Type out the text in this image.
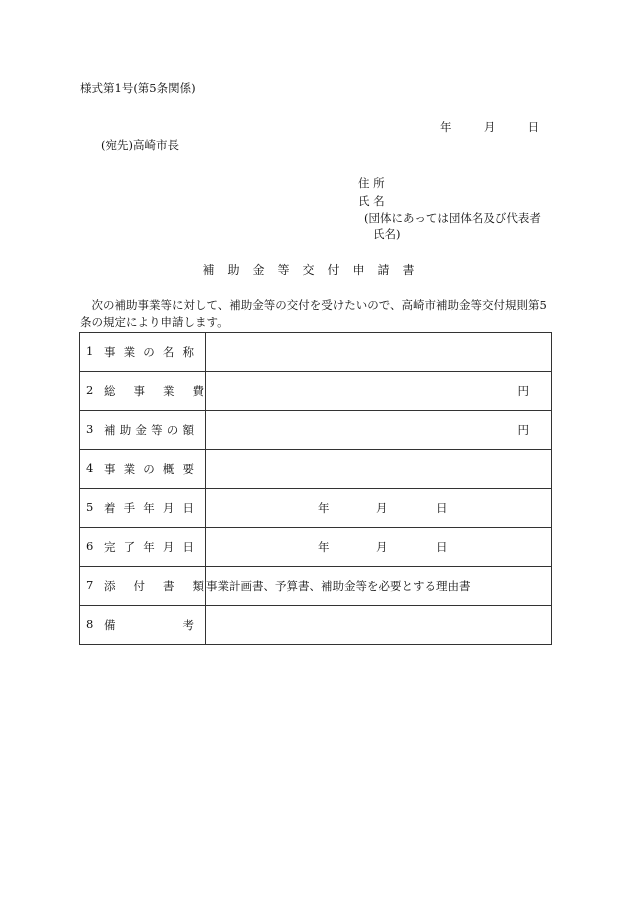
様式第1号(第5条関係)
年	月	日
(宛先)高崎市長
住 所
氏 名
(団体にあっては団体名及び代表者
氏名)
補助金等交付申請書
　次の補助事業等に対して、補助金等の交付を受けたいので、高崎市補助金等交付規則第5条の規定により申請します。
1 事業の名称	
2 総事業費	円

3 補助金等の額	円

4 事業の概要	
5 着手年月日	年 月 日

6 完了年月日	年 月 日

7 添付書類	事業計画書、予算書、補助金等を必要とする理由書
8 備考	
